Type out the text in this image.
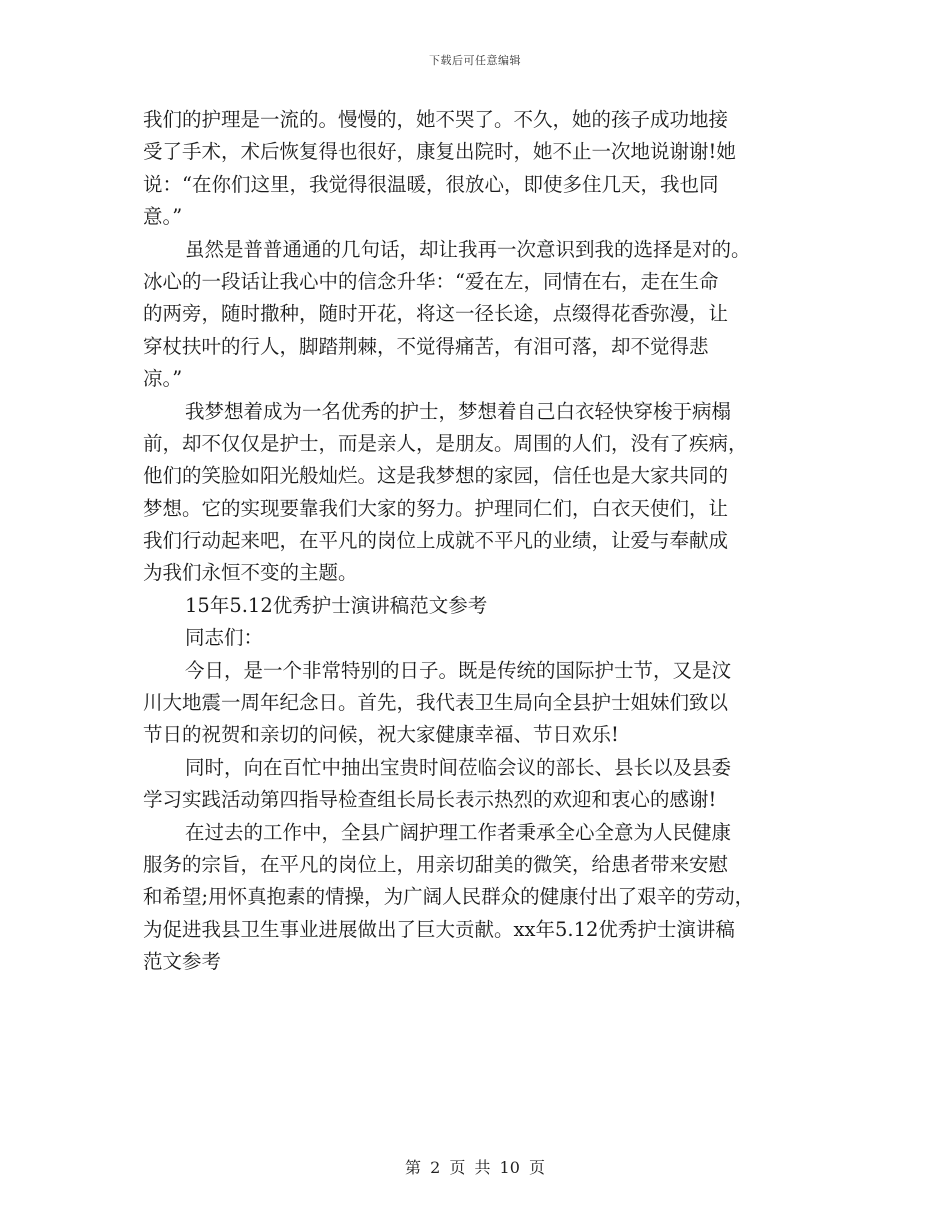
下载后可任意编辑
我们的护理是一流的。慢慢的，她不哭了。不久，她的孩子成功地接
受了手术，术后恢复得也很好，康复出院时，她不止一次地说谢谢!她
说：“在你们这里，我觉得很温暖，很放心，即使多住几天，我也同
意。”
虽然是普普通通的几句话，却让我再一次意识到我的选择是对的。
冰心的一段话让我心中的信念升华：“爱在左，同情在右，走在生命
的两旁，随时撒种，随时开花，将这一径长途，点缀得花香弥漫，让
穿杖扶叶的行人，脚踏荆棘，不觉得痛苦，有泪可落，却不觉得悲
凉。”
我梦想着成为一名优秀的护士，梦想着自己白衣轻快穿梭于病榻
前，却不仅仅是护士，而是亲人，是朋友。周围的人们，没有了疾病，
他们的笑脸如阳光般灿烂。这是我梦想的家园，信任也是大家共同的
梦想。它的实现要靠我们大家的努力。护理同仁们，白衣天使们，让
我们行动起来吧，在平凡的岗位上成就不平凡的业绩，让爱与奉献成
为我们永恒不变的主题。
15年5.12优秀护士演讲稿范文参考
同志们：
今日，是一个非常特别的日子。既是传统的国际护士节，又是汶
川大地震一周年纪念日。首先，我代表卫生局向全县护士姐妹们致以
节日的祝贺和亲切的问候，祝大家健康幸福、节日欢乐!
同时，向在百忙中抽出宝贵时间莅临会议的部长、县长以及县委
学习实践活动第四指导检查组长局长表示热烈的欢迎和衷心的感谢!
在过去的工作中，全县广阔护理工作者秉承全心全意为人民健康
服务的宗旨，在平凡的岗位上，用亲切甜美的微笑，给患者带来安慰
和希望;用怀真抱素的情操，为广阔人民群众的健康付出了艰辛的劳动，
为促进我县卫生事业进展做出了巨大贡献。xx年5.12优秀护士演讲稿
范文参考
第 2 页 共 10 页
